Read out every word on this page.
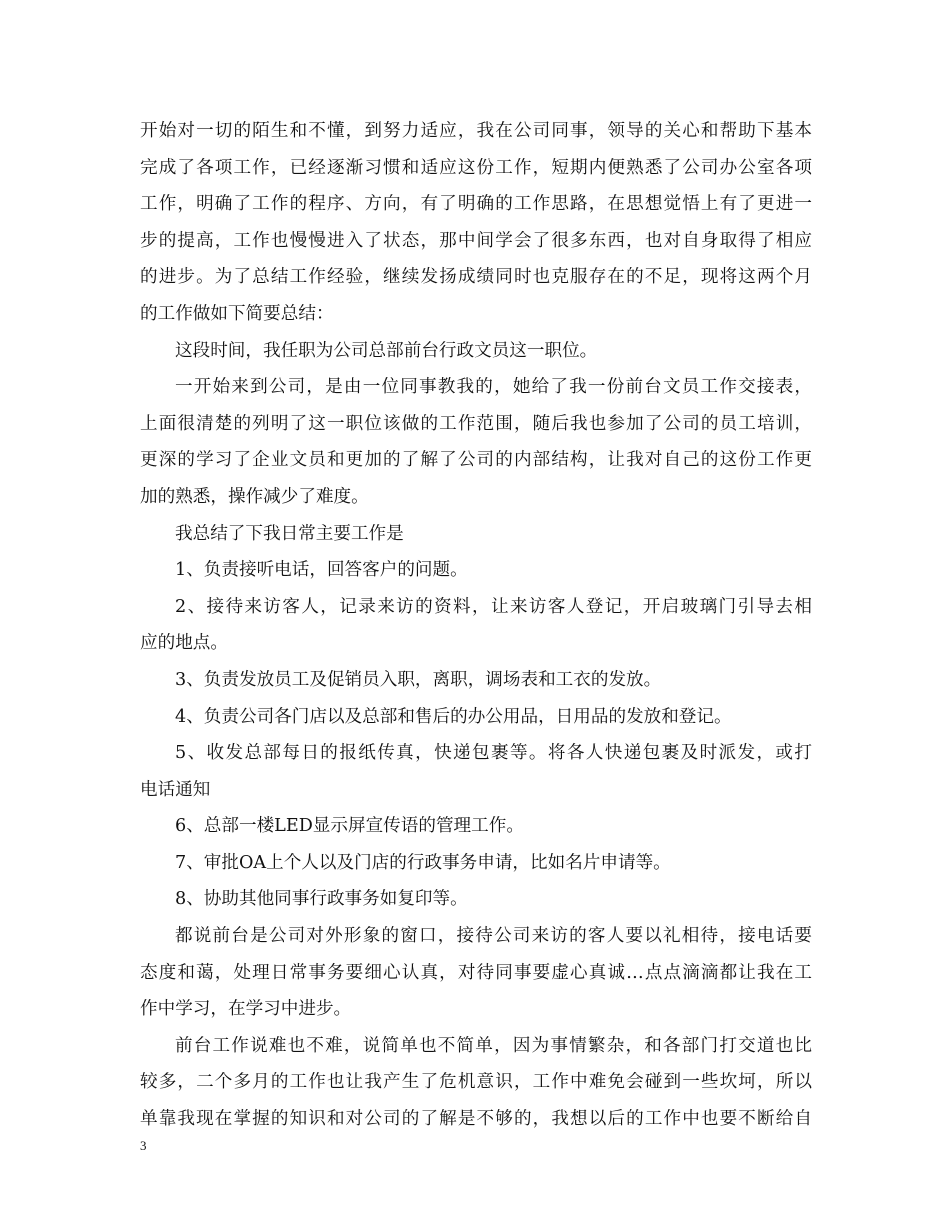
开始对一切的陌生和不懂，到努力适应，我在公司同事，领导的关心和帮助下基本
完成了各项工作，已经逐渐习惯和适应这份工作，短期内便熟悉了公司办公室各项
工作，明确了工作的程序、方向，有了明确的工作思路，在思想觉悟上有了更进一
步的提高，工作也慢慢进入了状态，那中间学会了很多东西，也对自身取得了相应
的进步。为了总结工作经验，继续发扬成绩同时也克服存在的不足，现将这两个月
的工作做如下简要总结：
这段时间，我任职为公司总部前台行政文员这一职位。
一开始来到公司，是由一位同事教我的，她给了我一份前台文员工作交接表，
上面很清楚的列明了这一职位该做的工作范围，随后我也参加了公司的员工培训，
更深的学习了企业文员和更加的了解了公司的内部结构，让我对自己的这份工作更
加的熟悉，操作减少了难度。
我总结了下我日常主要工作是
1、负责接听电话，回答客户的问题。
2、接待来访客人，记录来访的资料，让来访客人登记，开启玻璃门引导去相
应的地点。
3、负责发放员工及促销员入职，离职，调场表和工衣的发放。
4、负责公司各门店以及总部和售后的办公用品，日用品的发放和登记。
5、收发总部每日的报纸传真，快递包裹等。将各人快递包裹及时派发，或打
电话通知
6、总部一楼LED显示屏宣传语的管理工作。
7、审批OA上个人以及门店的行政事务申请，比如名片申请等。
8、协助其他同事行政事务如复印等。
都说前台是公司对外形象的窗口，接待公司来访的客人要以礼相待，接电话要
态度和蔼，处理日常事务要细心认真，对待同事要虚心真诚…点点滴滴都让我在工
作中学习，在学习中进步。
前台工作说难也不难，说简单也不简单，因为事情繁杂，和各部门打交道也比
较多，二个多月的工作也让我产生了危机意识，工作中难免会碰到一些坎坷，所以
单靠我现在掌握的知识和对公司的了解是不够的，我想以后的工作中也要不断给自
3
